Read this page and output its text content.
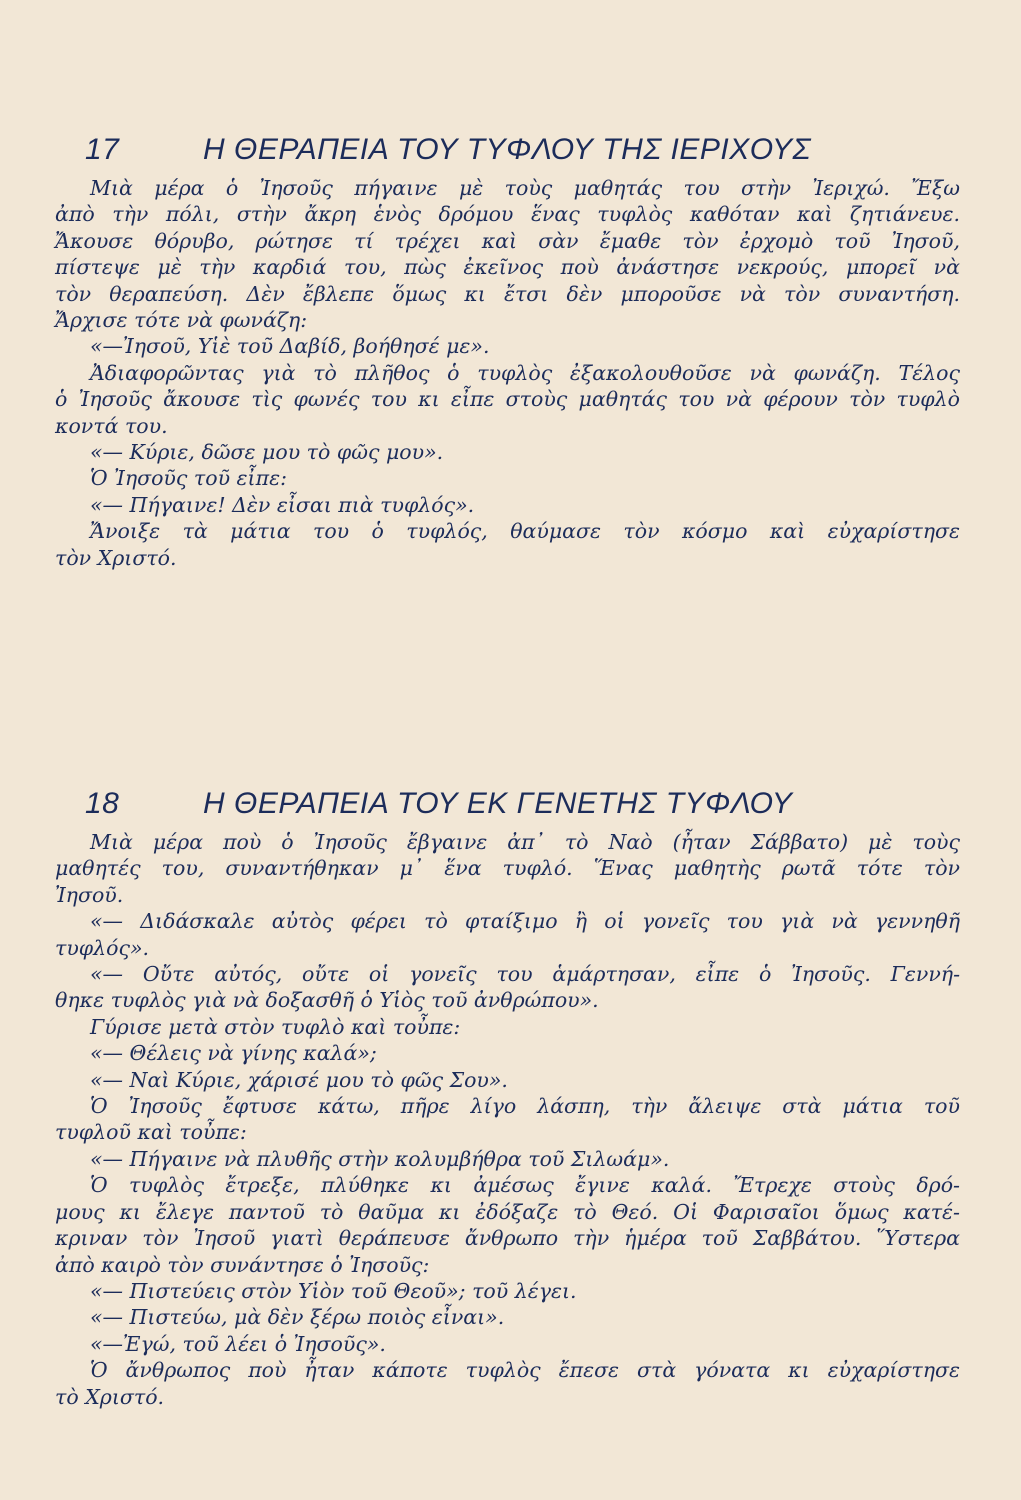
17	Η ΘΕΡΑΠΕΙΑ ΤΟΥ ΤΥΦΛΟΥ ΤΗΣ ΙΕΡΙΧΟΥΣ
Μιὰ μέρα ὁ Ἰησοῦς πήγαινε μὲ τοὺς μαθητάς του στὴν Ἰεριχώ. Ἔξω
ἀπὸ τὴν πόλι, στὴν ἄκρη ἑνὸς δρόμου ἕνας τυφλὸς καθόταν καὶ ζητιάνευε.
Ἄκουσε θόρυβο, ρώτησε τί τρέχει καὶ σὰν ἔμαθε τὸν ἐρχομὸ τοῦ Ἰησοῦ,
πίστεψε μὲ τὴν καρδιά του, πὼς ἐκεῖνος ποὺ ἀνάστησε νεκρούς, μπορεῖ νὰ
τὸν θεραπεύση. Δὲν ἔβλεπε ὅμως κι ἔτσι δὲν μποροῦσε νὰ τὸν συναντήση.
Ἄρχισε τότε νὰ φωνάζη:
«—Ἰησοῦ, Υἱὲ τοῦ Δαβίδ, βοήθησέ με».
Ἀδιαφορῶντας γιὰ τὸ πλῆθος ὁ τυφλὸς ἐξακολουθοῦσε νὰ φωνάζη. Τέλος
ὁ Ἰησοῦς ἄκουσε τὶς φωνές του κι εἶπε στοὺς μαθητάς του νὰ φέρουν τὸν τυφλὸ
κοντά του.
«— Κύριε, δῶσε μου τὸ φῶς μου».
Ὁ Ἰησοῦς τοῦ εἶπε:
«— Πήγαινε! Δὲν εἶσαι πιὰ τυφλός».
Ἄνοιξε τὰ μάτια του ὁ τυφλός, θαύμασε τὸν κόσμο καὶ εὐχαρίστησε
τὸν Χριστό.
18	Η ΘΕΡΑΠΕΙΑ ΤΟΥ ΕΚ ΓΕΝΕΤΗΣ ΤΥΦΛΟΥ
Μιὰ μέρα ποὺ ὁ Ἰησοῦς ἔβγαινε ἀπ᾿ τὸ Ναὸ (ἦταν Σάββατο) μὲ τοὺς
μαθητές του, συναντήθηκαν μ᾿ ἕνα τυφλό. Ἕνας μαθητὴς ρωτᾶ τότε τὸν
Ἰησοῦ.
«— Διδάσκαλε αὐτὸς φέρει τὸ φταίξιμο ἢ οἱ γονεῖς του γιὰ νὰ γεννηθῆ
τυφλός».
«— Οὔτε αὐτός, οὔτε οἱ γονεῖς του ἁμάρτησαν, εἶπε ὁ Ἰησοῦς. Γεννή-
θηκε τυφλὸς γιὰ νὰ δοξασθῆ ὁ Υἱὸς τοῦ ἀνθρώπου».
Γύρισε μετὰ στὸν τυφλὸ καὶ τοὖπε:
«— Θέλεις νὰ γίνης καλά»;
«— Ναὶ Κύριε, χάρισέ μου τὸ φῶς Σου».
Ὁ Ἰησοῦς ἔφτυσε κάτω, πῆρε λίγο λάσπη, τὴν ἄλειψε στὰ μάτια τοῦ
τυφλοῦ καὶ τοὖπε:
«— Πήγαινε νὰ πλυθῆς στὴν κολυμβήθρα τοῦ Σιλωάμ».
Ὁ τυφλὸς ἔτρεξε, πλύθηκε κι ἀμέσως ἔγινε καλά. Ἔτρεχε στοὺς δρό-
μους κι ἔλεγε παντοῦ τὸ θαῦμα κι ἐδόξαζε τὸ Θεό. Οἱ Φαρισαῖοι ὅμως κατέ-
κριναν τὸν Ἰησοῦ γιατὶ θεράπευσε ἄνθρωπο τὴν ἡμέρα τοῦ Σαββάτου. Ὕστερα
ἀπὸ καιρὸ τὸν συνάντησε ὁ Ἰησοῦς:
«— Πιστεύεις στὸν Υἱὸν τοῦ Θεοῦ»; τοῦ λέγει.
«— Πιστεύω, μὰ δὲν ξέρω ποιὸς εἶναι».
«—Ἐγώ, τοῦ λέει ὁ Ἰησοῦς».
Ὁ ἄνθρωπος ποὺ ἦταν κάποτε τυφλὸς ἔπεσε στὰ γόνατα κι εὐχαρίστησε
τὸ Χριστό.
